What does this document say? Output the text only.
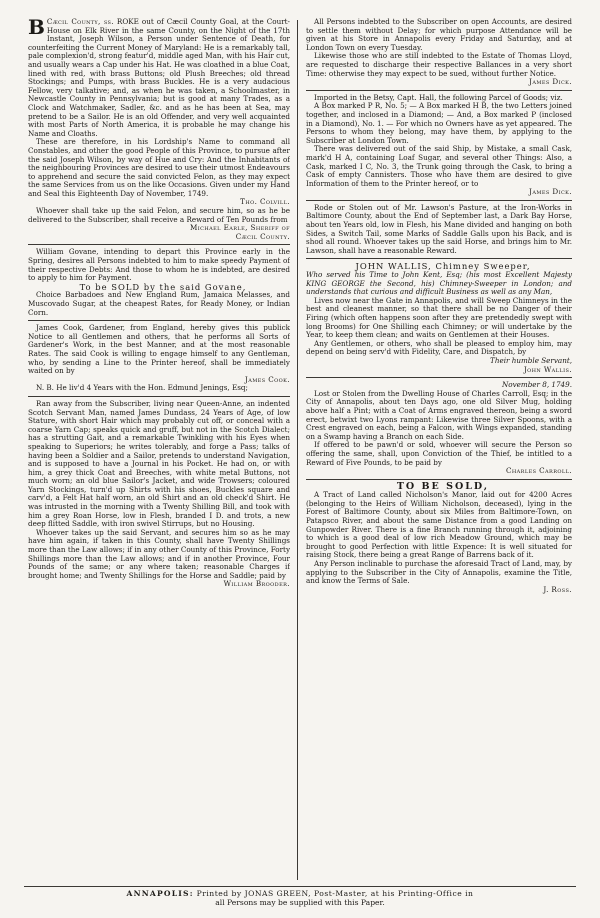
Cæcil County, ss.
B	ROKE out of Cæcil County Goal, at the Court-House on Elk River in the same County, on the Night of the 17th Instant, Joseph Wilson, a Person under Sentence of Death, for counterfeiting the Current Money of Maryland: He is a remarkably tall, pale complexion'd, strong featur'd, middle aged Man, with his Hair cut, and usually wears a Cap under his Hat. He was cloathed in a blue Coat, lined with red, with brass Buttons; old Plush Breeches; old thread Stockings; and Pumps, with brass Buckles. He is a very audacious Fellow, very talkative; and, as when he was taken, a Schoolmaster, in Newcastle County in Pennsylvania; but is good at many Trades, as a Clock and Watchmaker, Sadler, &c. and as he has been at Sea, may pretend to be a Sailor. He is an old Offender, and very well acquainted with most Parts of North America, it is probable he may change his Name and Cloaths.

These are therefore, in his Lordship's Name to command all Constables, and other the good People of this Province, to pursue after the said Joseph Wilson, by way of Hue and Cry: And the Inhabitants of the neighbouring Provinces are desired to use their utmost Endeavours to apprehend and secure the said convicted Felon, as they may expect the same Services from us on the like Occasions. Given under my Hand and Seal this Eighteenth Day of November, 1749.

Tho. Colvill.

Whoever shall take up the said Felon, and secure him, so as he be delivered to the Subscriber, shall receive a Reward of Ten Pounds from

Michael Earle, Sheriff of

Cæcil County.

William Govane, intending to depart this Province early in the Spring, desires all Persons indebted to him to make speedy Payment of their respective Debts: And those to whom he is indebted, are desired to apply to him for Payment.

To be SOLD by the said Govane,

Choice Barbadoes and New England Rum, Jamaica Melasses, and Muscovado Sugar, at the cheapest Rates, for Ready Money, or Indian Corn.

James Cook, Gardener, from England, hereby gives this publick Notice to all Gentlemen and others, that he performs all Sorts of Gardener's Work, in the best Manner, and at the most reasonable Rates. The said Cook is willing to engage himself to any Gentleman, who, by sending a Line to the Printer hereof, shall be immediately waited on by

James Cook.

N. B. He liv'd 4 Years with the Hon. Edmund Jenings, Esq;

Ran away from the Subscriber, living near Queen-Anne, an indented Scotch Servant Man, named James Dundass, 24 Years of Age, of low Stature, with short Hair which may probably cut off, or conceal with a coarse Yarn Cap; speaks quick and gruff, but not in the Scotch Dialect; has a strutting Gait, and a remarkable Twinkling with his Eyes when speaking to Superiors; he writes tolerably, and forge a Pass; talks of having been a Soldier and a Sailor, pretends to understand Navigation, and is supposed to have a Journal in his Pocket. He had on, or with him, a grey thick Coat and Breeches, with white metal Buttons, not much worn; an old blue Sailor's Jacket, and wide Trowsers; coloured Yarn Stockings, turn'd up Shirts with his shoes, Buckles square and carv'd, a Felt Hat half worn, an old Shirt and an old check'd Shirt. He was intrusted in the morning with a Twenty Shilling Bill, and took with him a grey Roan Horse, low in Flesh, branded I D. and trots, a new deep flitted Saddle, with iron swivel Stirrups, but no Housing.

Whoever takes up the said Servant, and secures him so as he may have him again, if taken in this County, shall have Twenty Shillings more than the Law allows; if in any other County of this Province, Forty Shillings more than the Law allows; and if in another Province, Four Pounds of the same; or any where taken; reasonable Charges if brought home; and Twenty Shillings for the Horse and Saddle; paid by

William Brooder.

All Persons indebted to the Subscriber on open Accounts, are desired to settle them without Delay; for which purpose Attendance will be given at his Store in Annapolis every Friday and Saturday, and at London Town on every Tuesday.

Likewise those who are still indebted to the Estate of Thomas Lloyd, are requested to discharge their respective Ballances in a very short Time: otherwise they may expect to be sued, without further Notice.

James Dick.

Imported in the Betsy, Capt. Hall, the following Parcel of Goods; viz.

A Box marked P R, No. 5; — A Box marked H B, the two Letters joined together, and inclosed in a Diamond; — And, a Box marked P (inclosed in a Diamond), No. 1. — For which no Owners have as yet appeared. The Persons to whom they belong, may have them, by applying to the Subscriber at London Town.

There was delivered out of the said Ship, by Mistake, a small Cask, mark'd H A, containing Loaf Sugar, and several other Things: Also, a Cask, marked I C, No. 3, the Trunk going through the Cask, to bring a Cask of empty Cannisters. Those who have them are desired to give Information of them to the Printer hereof, or to

James Dick.

Rode or Stolen out of Mr. Lawson's Pasture, at the Iron-Works in Baltimore County, about the End of September last, a Dark Bay Horse, about ten Years old, low in Flesh, his Mane divided and hanging on both Sides, a Switch Tail, some Marks of Saddle Galls upon his Back, and is shod all round. Whoever takes up the said Horse, and brings him to Mr. Lawson, shall have a reasonable Reward.

JOHN WALLIS, Chimney Sweeper,

Who served his Time to John Kent, Esq; (his most Excellent Majesty KING GEORGE the Second, his) Chimney-Sweeper in London; and understands that curious and difficult Business as well as any Man,

Lives now near the Gate in Annapolis, and will Sweep Chimneys in the best and cleanest manner, so that there shall be no Danger of their Firing (which often happens soon after they are pretendedly swept with long Brooms) for One Shilling each Chimney; or will undertake by the Year, to keep them clean; and waits on Gentlemen at their Houses.

Any Gentlemen, or others, who shall be pleased to employ him, may depend on being serv'd with Fidelity, Care, and Dispatch, by

Their humble Servant,

John Wallis.

November 8, 1749.

Lost or Stolen from the Dwelling House of Charles Carroll, Esq; in the City of Annapolis, about ten Days ago, one old Silver Mug, holding above half a Pint; with a Coat of Arms engraved thereon, being a sword erect, betwixt two Lyons rampant: Likewise three Silver Spoons, with a Crest engraved on each, being a Falcon, with Wings expanded, standing on a Swamp having a Branch on each Side.

If offered to be pawn'd or sold, whoever will secure the Person so offering the same, shall, upon Conviction of the Thief, be intitled to a Reward of Five Pounds, to be paid by

Charles Carroll.

TO BE SOLD,

A Tract of Land called Nicholson's Manor, laid out for 4200 Acres (belonging to the Heirs of William Nicholson, deceased), lying in the Forest of Baltimore County, about six Miles from Baltimore-Town, on Patapsco River, and about the same Distance from a good Landing on Gunpowder River. There is a fine Branch running through it, adjoining to which is a good deal of low rich Meadow Ground, which may be brought to good Perfection with little Expence: It is well situated for raising Stock, there being a great Range of Barrens back of it.

Any Person inclinable to purchase the aforesaid Tract of Land, may, by applying to the Subscriber in the City of Annapolis, examine the Title, and know the Terms of Sale.

J. Ross.

ANNAPOLIS: Printed by JONAS GREEN, Post-Master, at his Printing-Office in
all Persons may be supplied with this Paper.
